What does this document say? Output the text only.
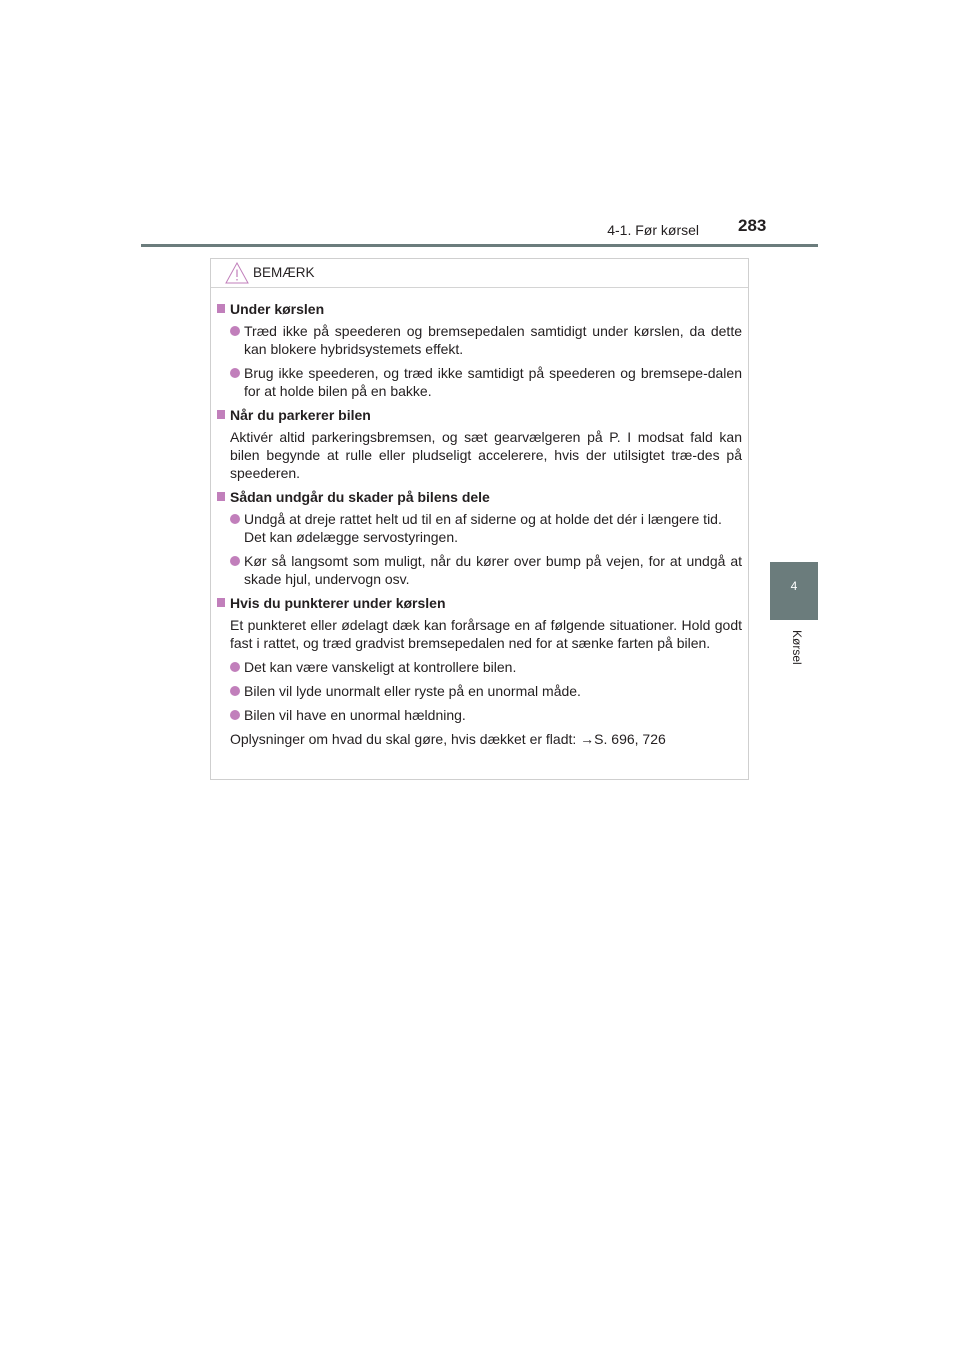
4-1. Før kørsel 283
4
Kørsel
BEMÆRK
Under kørslen
Træd ikke på speederen og bremsepedalen samtidigt under kørslen, da dette kan blokere hybridsystemets effekt.
Brug ikke speederen, og træd ikke samtidigt på speederen og bremsepe-dalen for at holde bilen på en bakke.
Når du parkerer bilen
Aktivér altid parkeringsbremsen, og sæt gearvælgeren på P. I modsat fald kan bilen begynde at rulle eller pludseligt accelerere, hvis der utilsigtet træ-des på speederen.
Sådan undgår du skader på bilens dele
Undgå at dreje rattet helt ud til en af siderne og at holde det dér i længere tid.
Det kan ødelægge servostyringen.
Kør så langsomt som muligt, når du kører over bump på vejen, for at undgå at skade hjul, undervogn osv.
Hvis du punkterer under kørslen
Et punkteret eller ødelagt dæk kan forårsage en af følgende situationer. Hold godt fast i rattet, og træd gradvist bremsepedalen ned for at sænke farten på bilen.
Det kan være vanskeligt at kontrollere bilen.
Bilen vil lyde unormalt eller ryste på en unormal måde.
Bilen vil have en unormal hældning.
Oplysninger om hvad du skal gøre, hvis dækket er fladt: →S. 696, 726
